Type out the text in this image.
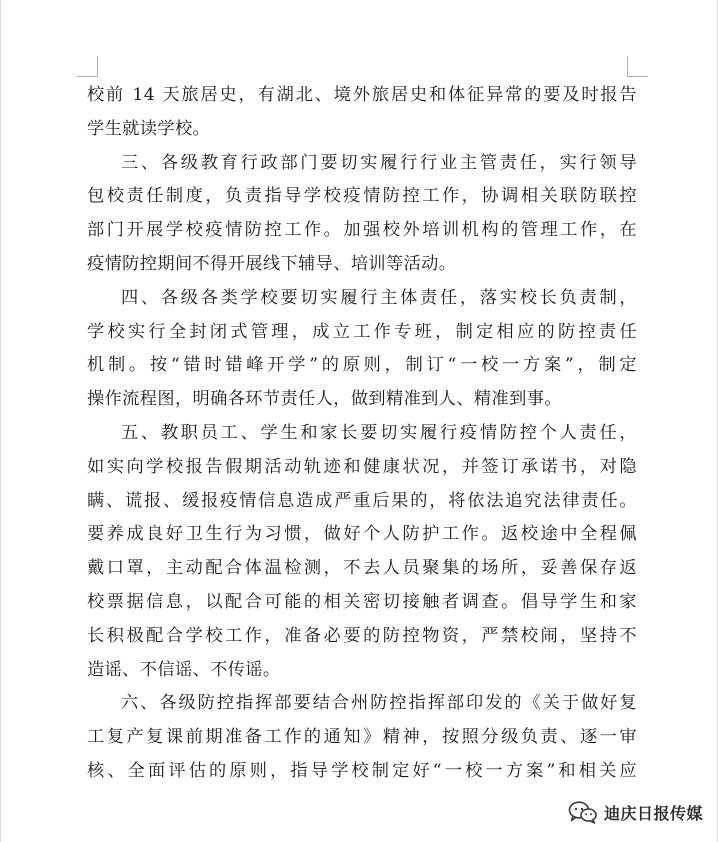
校前 14 天旅居史，有湖北、境外旅居史和体征异常的要及时报告
学生就读学校。
三、各级教育行政部门要切实履行行业主管责任，实行领导
包校责任制度，负责指导学校疫情防控工作，协调相关联防联控
部门开展学校疫情防控工作。加强校外培训机构的管理工作，在
疫情防控期间不得开展线下辅导、培训等活动。
四、各级各类学校要切实履行主体责任，落实校长负责制，
学校实行全封闭式管理，成立工作专班，制定相应的防控责任
机制。按“错时错峰开学”的原则，制订“一校一方案”，制定
操作流程图，明确各环节责任人，做到精准到人、精准到事。
五、教职员工、学生和家长要切实履行疫情防控个人责任，
如实向学校报告假期活动轨迹和健康状况，并签订承诺书，对隐
瞒、谎报、缓报疫情信息造成严重后果的，将依法追究法律责任。
要养成良好卫生行为习惯，做好个人防护工作。返校途中全程佩
戴口罩，主动配合体温检测，不去人员聚集的场所，妥善保存返
校票据信息，以配合可能的相关密切接触者调查。倡导学生和家
长积极配合学校工作，准备必要的防控物资，严禁校闹，坚持不
造谣、不信谣、不传谣。
六、各级防控指挥部要结合州防控指挥部印发的《关于做好复
工复产复课前期准备工作的通知》精神，按照分级负责、逐一审
核、全面评估的原则，指导学校制定好“一校一方案”和相关应
迪庆日报传媒
